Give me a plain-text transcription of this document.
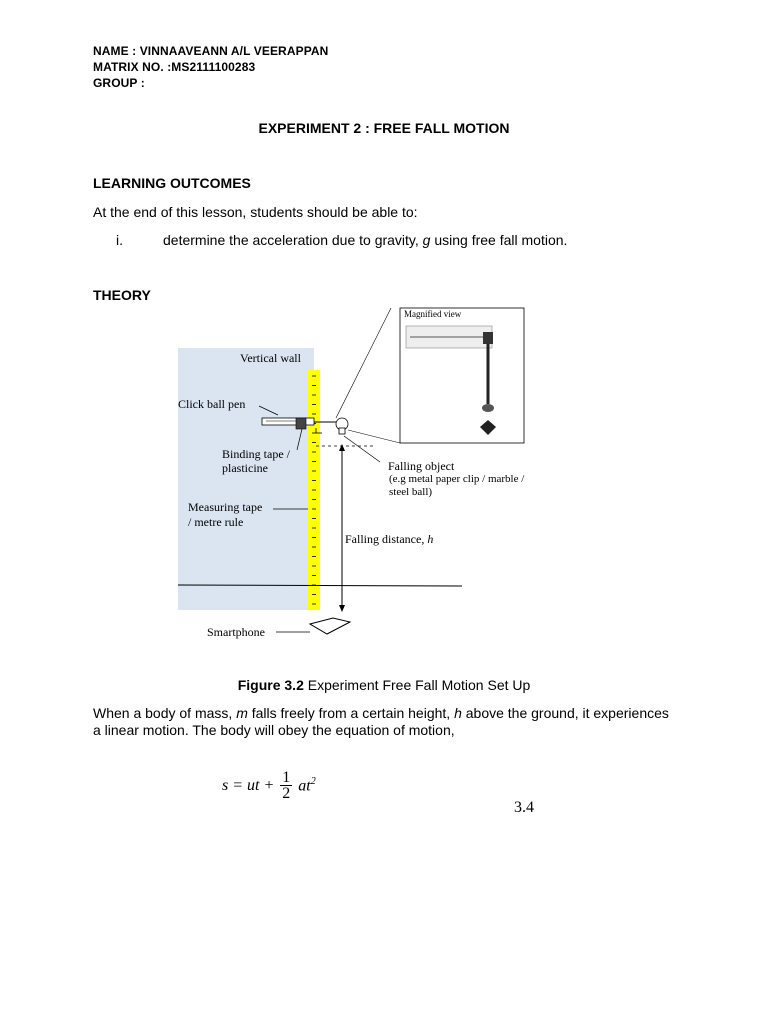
NAME : VINNAAVEANN A/L VEERAPPAN
MATRIX NO. :MS2111100283
GROUP :
EXPERIMENT 2 : FREE FALL MOTION
LEARNING OUTCOMES
At the end of this lesson, students should be able to:
i.	determine the acceleration due to gravity, g using free fall motion.
THEORY
Magnified view
Vertical wall
Click ball pen
Binding tape /
plasticine
Measuring tape
/ metre rule
Falling object
(e.g metal paper clip / marble /
steel ball)
Falling distance, h
Smartphone
Figure 3.2 Experiment Free Fall Motion Set Up
When a body of mass, m falls freely from a certain height, h above the ground, it experiences a linear motion. The body will obey the equation of motion,
s = ut + $\frac{1}{2} at^2$
3.4
